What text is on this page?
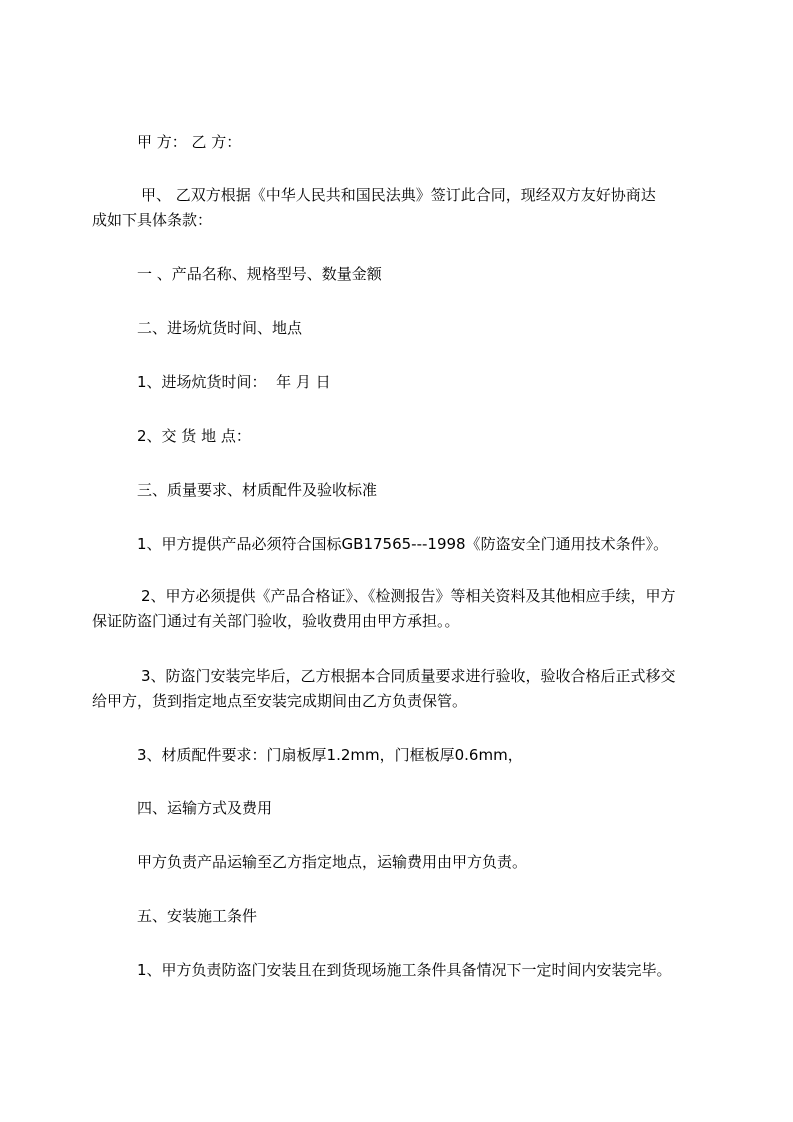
甲 方： 乙 方：
甲、 乙双方根据《中华人民共和国民法典》签订此合同，现经双方友好协商达
成如下具体条款：
一 、产品名称、规格型号、数量金额
二、进场炕货时间、地点
1、进场炕货时间：  年 月 日
2、交 货 地 点：
三、质量要求、材质配件及验收标准
1、甲方提供产品必须符合国标GB17565---1998《防盗安全门通用技术条件》。
2、甲方必须提供《产品合格证》、《检测报告》等相关资料及其他相应手续，甲方
保证防盗门通过有关部门验收，验收费用由甲方承担。。
3、防盗门安装完毕后，乙方根据本合同质量要求进行验收，验收合格后正式移交
给甲方，货到指定地点至安装完成期间由乙方负责保管。
3、材质配件要求：门扇板厚1.2mm，门框板厚0.6mm，
四、运输方式及费用
甲方负责产品运输至乙方指定地点，运输费用由甲方负责。
五、安装施工条件
1、甲方负责防盗门安装且在到货现场施工条件具备情况下一定时间内安装完毕。
